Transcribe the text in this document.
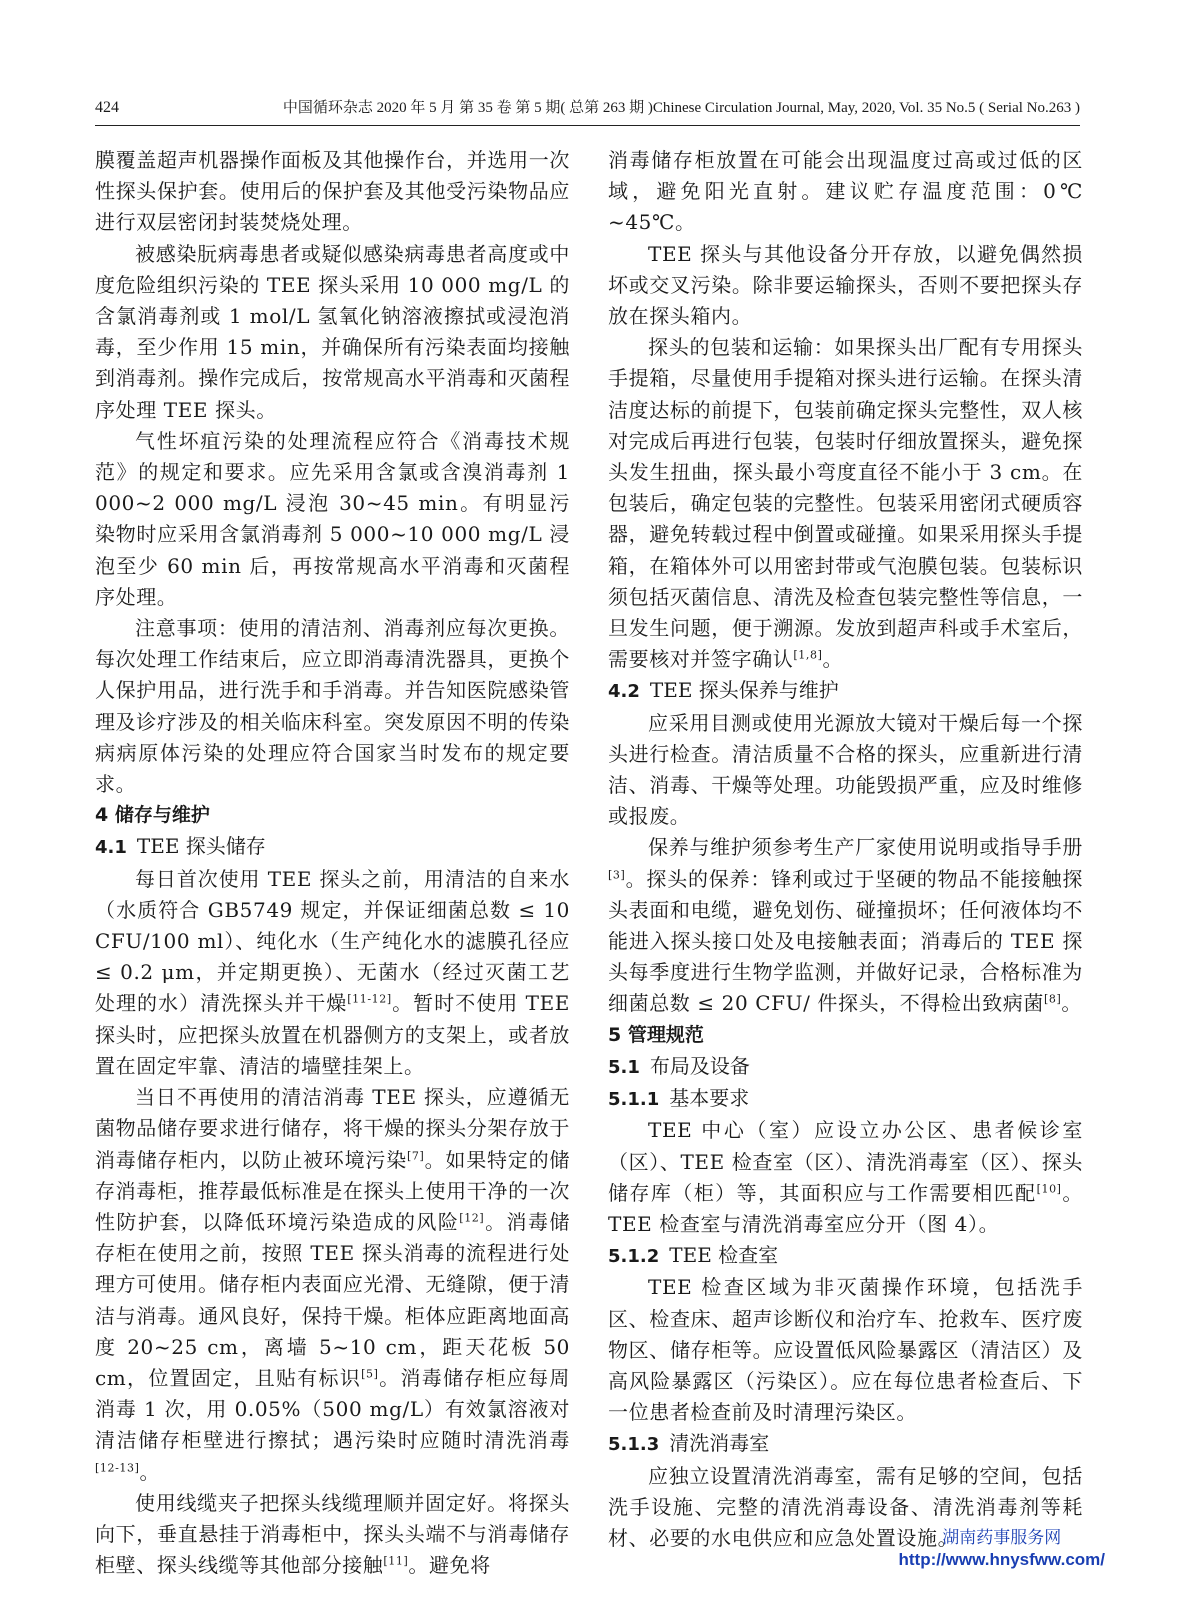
424	中国循环杂志 2020 年 5 月 第 35 卷 第 5 期( 总第 263 期 )Chinese Circulation Journal, May, 2020, Vol. 35 No.5 ( Serial No.263 )

膜覆盖超声机器操作面板及其他操作台，并选用一次性探头保护套。使用后的保护套及其他受污染物品应进行双层密闭封装焚烧处理。

被感染朊病毒患者或疑似感染病毒患者高度或中度危险组织污染的 TEE 探头采用 10 000 mg/L 的含氯消毒剂或 1 mol/L 氢氧化钠溶液擦拭或浸泡消毒，至少作用 15 min，并确保所有污染表面均接触到消毒剂。操作完成后，按常规高水平消毒和灭菌程序处理 TEE 探头。

气性坏疽污染的处理流程应符合《消毒技术规范》的规定和要求。应先采用含氯或含溴消毒剂 1 000~2 000 mg/L 浸泡 30~45 min。有明显污染物时应采用含氯消毒剂 5 000~10 000 mg/L 浸泡至少 60 min 后，再按常规高水平消毒和灭菌程序处理。

注意事项：使用的清洁剂、消毒剂应每次更换。每次处理工作结束后，应立即消毒清洗器具，更换个人保护用品，进行洗手和手消毒。并告知医院感染管理及诊疗涉及的相关临床科室。突发原因不明的传染病病原体污染的处理应符合国家当时发布的规定要求。

4 储存与维护

4.1 TEE 探头储存

每日首次使用 TEE 探头之前，用清洁的自来水（水质符合 GB5749 规定，并保证细菌总数 ≤ 10 CFU/100 ml）、纯化水（生产纯化水的滤膜孔径应 ≤ 0.2 μm，并定期更换）、无菌水（经过灭菌工艺处理的水）清洗探头并干燥[11-12]。暂时不使用 TEE 探头时，应把探头放置在机器侧方的支架上，或者放置在固定牢靠、清洁的墙壁挂架上。

当日不再使用的清洁消毒 TEE 探头，应遵循无菌物品储存要求进行储存，将干燥的探头分架存放于消毒储存柜内，以防止被环境污染[7]。如果特定的储存消毒柜，推荐最低标准是在探头上使用干净的一次性防护套，以降低环境污染造成的风险[12]。消毒储存柜在使用之前，按照 TEE 探头消毒的流程进行处理方可使用。储存柜内表面应光滑、无缝隙，便于清洁与消毒。通风良好，保持干燥。柜体应距离地面高度 20~25 cm，离墙 5~10 cm，距天花板 50 cm，位置固定，且贴有标识[5]。消毒储存柜应每周消毒 1 次，用 0.05%（500 mg/L）有效氯溶液对清洁储存柜壁进行擦拭；遇污染时应随时清洗消毒[12-13]。

使用线缆夹子把探头线缆理顺并固定好。将探头向下，垂直悬挂于消毒柜中，探头头端不与消毒储存柜壁、探头线缆等其他部分接触[11]。避免将

消毒储存柜放置在可能会出现温度过高或过低的区域，避免阳光直射。建议贮存温度范围：0℃ ~45℃。

TEE 探头与其他设备分开存放，以避免偶然损坏或交叉污染。除非要运输探头，否则不要把探头存放在探头箱内。

探头的包装和运输：如果探头出厂配有专用探头手提箱，尽量使用手提箱对探头进行运输。在探头清洁度达标的前提下，包装前确定探头完整性，双人核对完成后再进行包装，包装时仔细放置探头，避免探头发生扭曲，探头最小弯度直径不能小于 3 cm。在包装后，确定包装的完整性。包装采用密闭式硬质容器，避免转载过程中倒置或碰撞。如果采用探头手提箱，在箱体外可以用密封带或气泡膜包装。包装标识须包括灭菌信息、清洗及检查包装完整性等信息，一旦发生问题，便于溯源。发放到超声科或手术室后，需要核对并签字确认[1,8]。

4.2 TEE 探头保养与维护

应采用目测或使用光源放大镜对干燥后每一个探头进行检查。清洁质量不合格的探头，应重新进行清洁、消毒、干燥等处理。功能毁损严重，应及时维修或报废。

保养与维护须参考生产厂家使用说明或指导手册[3]。探头的保养：锋利或过于坚硬的物品不能接触探头表面和电缆，避免划伤、碰撞损坏；任何液体均不能进入探头接口处及电接触表面；消毒后的 TEE 探头每季度进行生物学监测，并做好记录，合格标准为细菌总数 ≤ 20 CFU/ 件探头，不得检出致病菌[8]。

5 管理规范

5.1 布局及设备

5.1.1 基本要求

TEE 中心（室）应设立办公区、患者候诊室（区）、TEE 检查室（区）、清洗消毒室（区）、探头储存库（柜）等，其面积应与工作需要相匹配[10]。TEE 检查室与清洗消毒室应分开（图 4）。

5.1.2 TEE 检查室

TEE 检查区域为非灭菌操作环境，包括洗手区、检查床、超声诊断仪和治疗车、抢救车、医疗废物区、储存柜等。应设置低风险暴露区（清洁区）及高风险暴露区（污染区）。应在每位患者检查后、下一位患者检查前及时清理污染区。

5.1.3 清洗消毒室

应独立设置清洗消毒室，需有足够的空间，包括洗手设施、完整的清洗消毒设备、清洗消毒剂等耗材、必要的水电供应和应急处置设施。

湖南药事服务网
http://www.hnysfww.com/
